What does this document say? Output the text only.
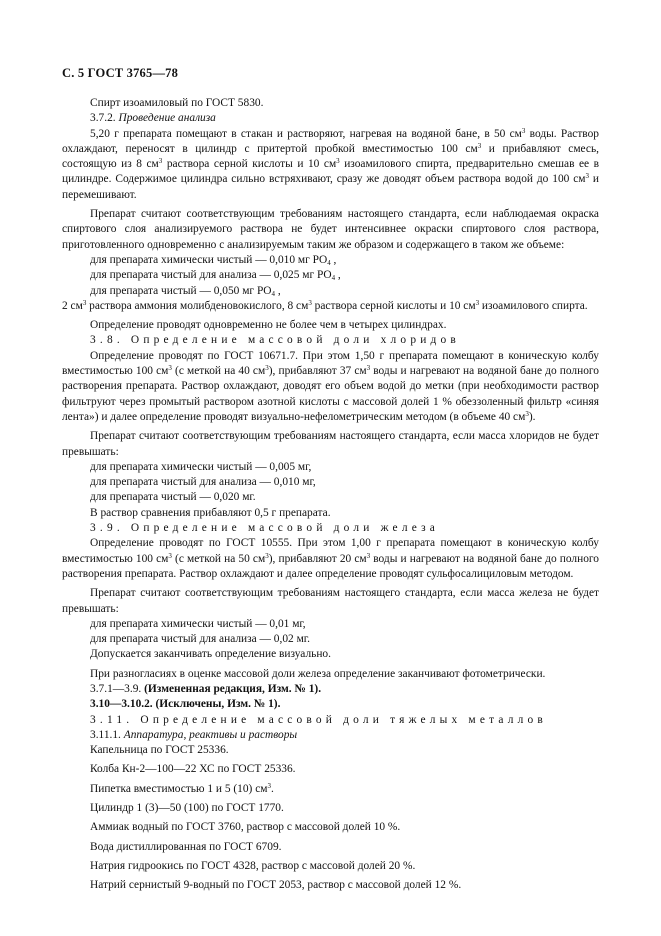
С. 5 ГОСТ 3765—78

Спирт изоамиловый по ГОСТ 5830.

3.7.2. Проведение анализа

5,20 г препарата помещают в стакан и растворяют, нагревая на водяной бане, в 50 $см^3$ воды. Раствор охлаждают, переносят в цилиндр с притертой пробкой вместимостью 100 $см^3$ и прибавляют смесь, состоящую из 8 $см^3$ раствора серной кислоты и 10 $см^3$ изоамилового спирта, предварительно смешав ее в цилиндре. Содержимое цилиндра сильно встряхивают, сразу же доводят объем раствора водой до 100 $см^3$ и перемешивают.

Препарат считают соответствующим требованиям настоящего стандарта, если наблюдаемая окраска спиртового слоя анализируемого раствора не будет интенсивнее окраски спиртового слоя раствора, приготовленного одновременно с анализируемым таким же образом и содержащего в таком же объеме:

для препарата химически чистый — 0,010 мг $PO_4$ ,

для препарата чистый для анализа — 0,025 мг $PO_4$ ,

для препарата чистый — 0,050 мг $PO_4$ ,

2 $см^3$ раствора аммония молибденовокислого, 8 $см^3$ раствора серной кислоты и 10 $см^3$ изоамилового спирта.

Определение проводят одновременно не более чем в четырех цилиндрах.

3.8. Определение массовой доли хлоридов

Определение проводят по ГОСТ 10671.7. При этом 1,50 г препарата помещают в коническую колбу вместимостью 100 $см^3$ (с меткой на 40 $см^3$), прибавляют 37 $см^3$ воды и нагревают на водяной бане до полного растворения препарата. Раствор охлаждают, доводят его объем водой до метки (при необходимости раствор фильтруют через промытый раствором азотной кислоты с массовой долей 1 % обеззоленный фильтр «синяя лента») и далее определение проводят визуально-нефелометрическим методом (в объеме 40 $см^3$).

Препарат считают соответствующим требованиям настоящего стандарта, если масса хлоридов не будет превышать:

для препарата химически чистый — 0,005 мг,

для препарата чистый для анализа — 0,010 мг,

для препарата чистый — 0,020 мг.

В раствор сравнения прибавляют 0,5 г препарата.

3.9. Определение массовой доли железа

Определение проводят по ГОСТ 10555. При этом 1,00 г препарата помещают в коническую колбу вместимостью 100 $см^3$ (с меткой на 50 $см^3$), прибавляют 20 $см^3$ воды и нагревают на водяной бане до полного растворения препарата. Раствор охлаждают и далее определение проводят сульфосалициловым методом.

Препарат считают соответствующим требованиям настоящего стандарта, если масса железа не будет превышать:

для препарата химически чистый — 0,01 мг,

для препарата чистый для анализа — 0,02 мг.

Допускается заканчивать определение визуально.

При разногласиях в оценке массовой доли железа определение заканчивают фотометрически.

3.7.1—3.9. (Измененная редакция, Изм. № 1).

3.10—3.10.2. (Исключены, Изм. № 1).

3.11. Определение массовой доли тяжелых металлов

3.11.1. Аппаратура, реактивы и растворы

Капельница по ГОСТ 25336.

Колба Кн-2—100—22 ХС по ГОСТ 25336.

Пипетка вместимостью 1 и 5 (10) $см^3$.

Цилиндр 1 (3)—50 (100) по ГОСТ 1770.

Аммиак водный по ГОСТ 3760, раствор с массовой долей 10 %.

Вода дистиллированная по ГОСТ 6709.

Натрия гидроокись по ГОСТ 4328, раствор с массовой долей 20 %.

Натрий сернистый 9-водный по ГОСТ 2053, раствор с массовой долей 12 %.
